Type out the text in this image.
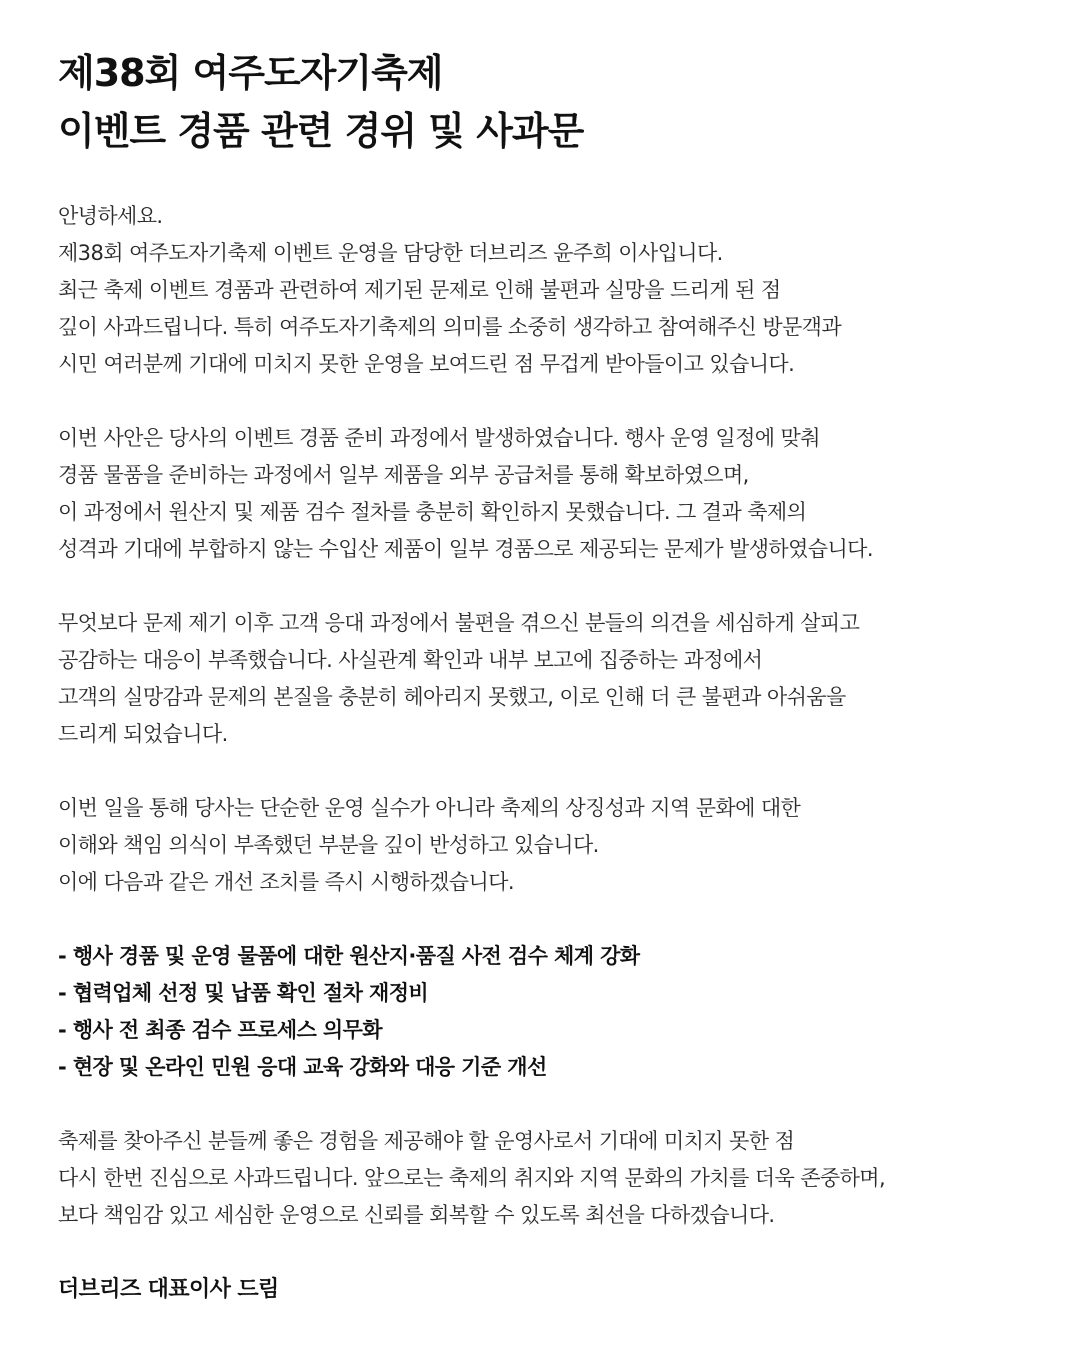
제38회 여주도자기축제
이벤트 경품 관련 경위 및 사과문

안녕하세요.
제38회 여주도자기축제 이벤트 운영을 담당한 더브리즈 윤주희 이사입니다.
최근 축제 이벤트 경품과 관련하여 제기된 문제로 인해 불편과 실망을 드리게 된 점
깊이 사과드립니다. 특히 여주도자기축제의 의미를 소중히 생각하고 참여해주신 방문객과
시민 여러분께 기대에 미치지 못한 운영을 보여드린 점 무겁게 받아들이고 있습니다.

이번 사안은 당사의 이벤트 경품 준비 과정에서 발생하였습니다. 행사 운영 일정에 맞춰
경품 물품을 준비하는 과정에서 일부 제품을 외부 공급처를 통해 확보하였으며,
이 과정에서 원산지 및 제품 검수 절차를 충분히 확인하지 못했습니다. 그 결과 축제의
성격과 기대에 부합하지 않는 수입산 제품이 일부 경품으로 제공되는 문제가 발생하였습니다.

무엇보다 문제 제기 이후 고객 응대 과정에서 불편을 겪으신 분들의 의견을 세심하게 살피고
공감하는 대응이 부족했습니다. 사실관계 확인과 내부 보고에 집중하는 과정에서
고객의 실망감과 문제의 본질을 충분히 헤아리지 못했고, 이로 인해 더 큰 불편과 아쉬움을
드리게 되었습니다.

이번 일을 통해 당사는 단순한 운영 실수가 아니라 축제의 상징성과 지역 문화에 대한
이해와 책임 의식이 부족했던 부분을 깊이 반성하고 있습니다.
이에 다음과 같은 개선 조치를 즉시 시행하겠습니다.

- 행사 경품 및 운영 물품에 대한 원산지·품질 사전 검수 체계 강화
- 협력업체 선정 및 납품 확인 절차 재정비
- 행사 전 최종 검수 프로세스 의무화
- 현장 및 온라인 민원 응대 교육 강화와 대응 기준 개선

축제를 찾아주신 분들께 좋은 경험을 제공해야 할 운영사로서 기대에 미치지 못한 점
다시 한번 진심으로 사과드립니다. 앞으로는 축제의 취지와 지역 문화의 가치를 더욱 존중하며,
보다 책임감 있고 세심한 운영으로 신뢰를 회복할 수 있도록 최선을 다하겠습니다.

더브리즈 대표이사 드림
